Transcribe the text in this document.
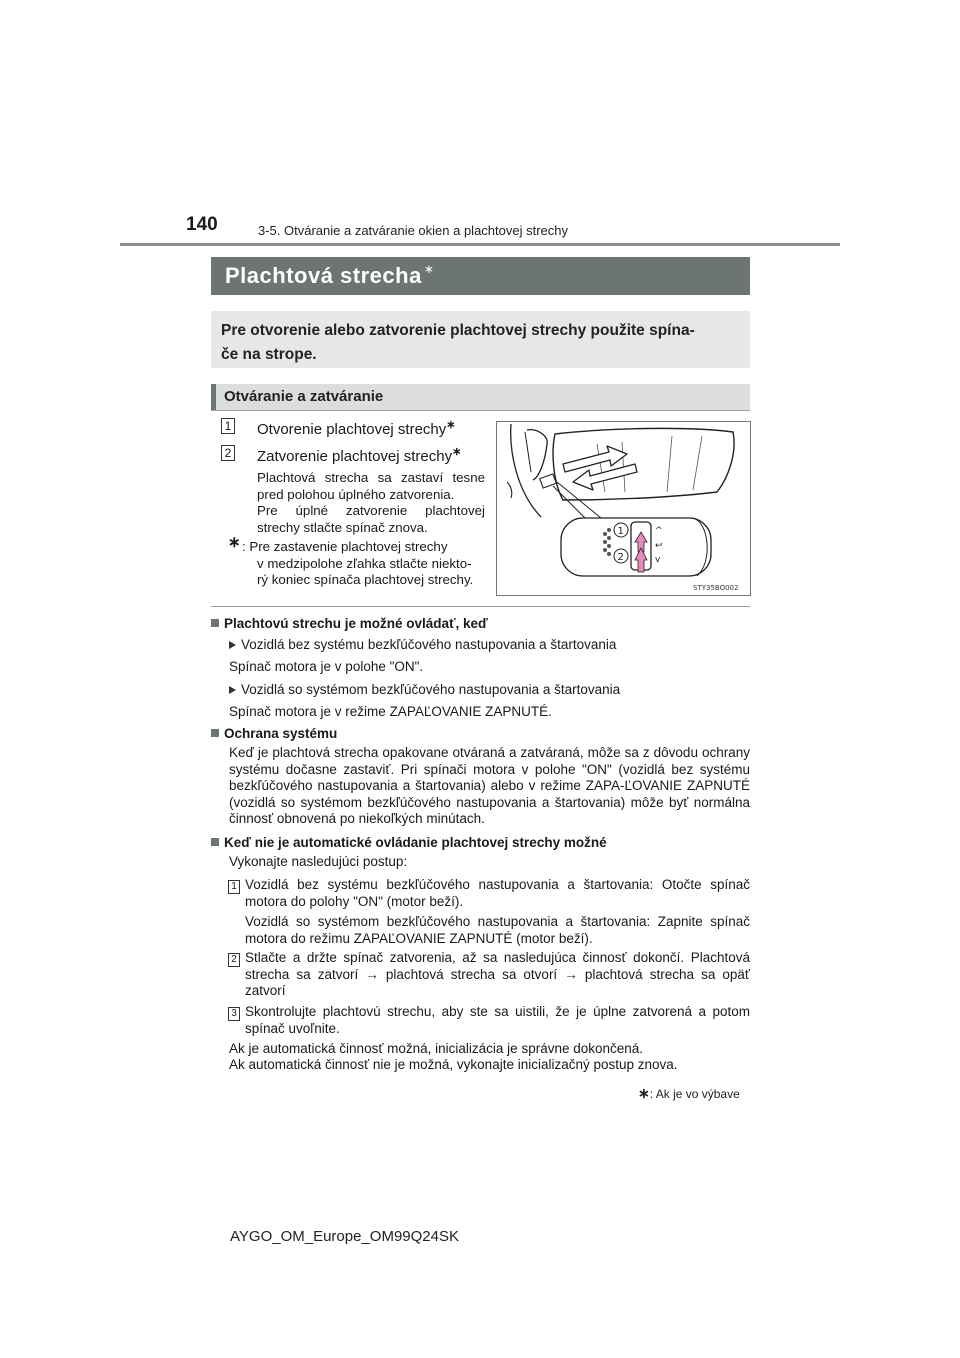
140	3-5. Otváranie a zatváranie okien a plachtovej strechy
Plachtová strecha ∗
Pre otvorenie alebo zatvorenie plachtovej strechy použite spína-
če na strope.
Otváranie a zatváranie
1 Otvorenie plachtovej strechy∗
2 Zatvorenie plachtovej strechy∗
Plachtová strecha sa zastaví tesne pred polohou úplného zatvorenia.
Pre úplné zatvorenie plachtovej strechy stlačte spínač znova.
∗ : Pre zastavenie plachtovej strechy
v medzipolohe zľahka stlačte niekto-
rý koniec spínača plachtovej strechy.
^
↩
v
1
2
STY35BO002
Plachtovú strechu je možné ovládať, keď
Vozidlá bez systému bezkľúčového nastupovania a štartovania
Spínač motora je v polohe "ON".
Vozidlá so systémom bezkľúčového nastupovania a štartovania
Spínač motora je v režime ZAPAĽOVANIE ZAPNUTÉ.
Ochrana systému
Keď je plachtová strecha opakovane otváraná a zatváraná, môže sa z dôvodu ochrany systému dočasne zastaviť. Pri spínači motora v polohe "ON" (vozidlá bez systému bezkľúčového nastupovania a štartovania) alebo v režime ZAPA-ĽOVANIE ZAPNUTÉ (vozidlá so systémom bezkľúčového nastupovania a štartovania) môže byť normálna činnosť obnovená po niekoľkých minútach.
Keď nie je automatické ovládanie plachtovej strechy možné
Vykonajte nasledujúci postup:
1 Vozidlá bez systému bezkľúčového nastupovania a štartovania: Otočte spínač motora do polohy "ON" (motor beží).
Vozidlá so systémom bezkľúčového nastupovania a štartovania: Zapnite spínač motora do režimu ZAPAĽOVANIE ZAPNUTÉ (motor beží).
2 Stlačte a držte spínač zatvorenia, až sa nasledujúca činnosť dokončí. Plachtová strecha sa zatvorí → plachtová strecha sa otvorí → plachtová strecha sa opäť zatvorí
3 Skontrolujte plachtovú strechu, aby ste sa uistili, že je úplne zatvorená a potom spínač uvoľnite.
Ak je automatická činnosť možná, inicializácia je správne dokončená.
Ak automatická činnosť nie je možná, vykonajte inicializačný postup znova.
∗: Ak je vo výbave
AYGO_OM_Europe_OM99Q24SK
